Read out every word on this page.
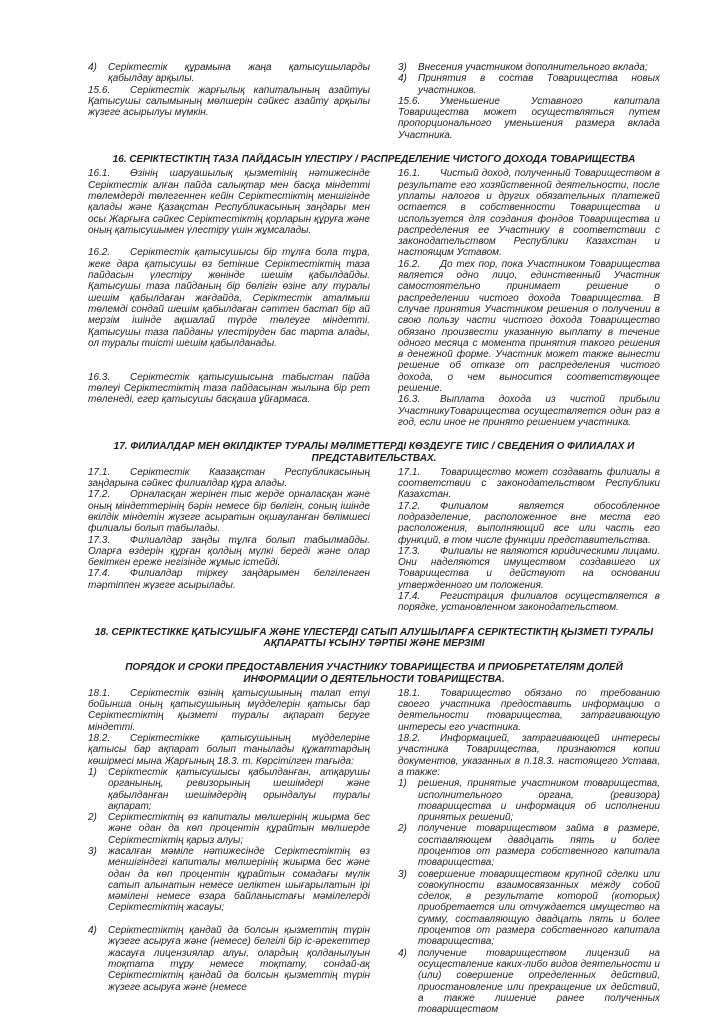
4) Серіктестік құрамына жаңа қатысушыларды қабылдау арқылы.
15.6. Серіктестік жарғылық капиталының азайтуы Қатысушы салымының мөлшерін сәйкес азайту арқылы жүзеге асырылуы мүмкін.
3) Внесения участником дополнительного вклада;
4) Принятия в состав Товарищества новых участников.
15.6. Уменьшение Уставного капитала Товарищества может осуществляться путем пропорционального уменьшения размера вклада Участника.
16. СЕРІКТЕСТІКТІҢ ТАЗА ПАЙДАСЫН ҮЛЕСТІРУ / РАСПРЕДЕЛЕНИЕ ЧИСТОГО ДОХОДА ТОВАРИЩЕСТВА
16.1. Өзінің шаруашылық қызметінің нәтижесінде Серіктестік алған пайда салықтар мен басқа міндетті төлемдерді төлегеннен кейін Серіктестіктің меншігінде қалады және Қазақстан Республикасының заңдары мен осы Жарғыға сәйкес Серіктестіктің қорларын құруға және оның қатысушымен үлестіру үшін жұмсалады.
16.2. Серіктестік қатысушысы бір тұлға бола тұра, жеке дара қатысушы өз бетінше Серіктестіктің таза пайдасын үлестіру жөнінде шешім қабылдайды. Қатысушы таза пайданың бір бөлігін өзіне алу туралы шешім қабылдаған жағдайда, Серіктестік аталмыш төлемді сондай шешім қабылдаған сәттен бастап бір ай мерзім ішінде ақшалай түрде төлеуге міндетті. Қатысушы таза пайданы үлестіруден бас тарта алады, ол туралы тиісті шешім қабылданады.
16.3. Серіктестік қатысушысына табыстан пайда төлеуі Серіктестіктің таза пайдасынан жылына бір рет төленеді, егер қатысушы басқаша ұйғармаса.
16.1. Чистый доход, полученный Товариществом в результате его хозяйственной деятельности, после уплаты налогов и других обязательных платежей остается в собственности Товарищества и используется для создания фондов Товарищества и распределения ее Участнику в соответствии с законодательством Республики Казахстан и настоящим Уставом.
16.2. До тех пор, пока Участником Товарищества является одно лицо, единственный Участник самостоятельно принимает решение о распределении чистого дохода Товарищества. В случае принятия Участником решения о получении в свою пользу части чистого дохода Товарищество обязано произвести указанную выплату в течение одного месяца с момента принятия такого решения в денежной форме. Участник может также вынести решение об отказе от распределения чистого дохода, о чем выносится соответствующее решение.
16.3. Выплата дохода из чистой прибыли УчастникуТоварищества осуществляется один раз в год, если иное не принято решением участника.
17. ФИЛИАЛДАР МЕН ӨКІЛДІКТЕР ТУРАЛЫ МӘЛІМЕТТЕРДІ КӨЗДЕУГЕ ТИІС / СВЕДЕНИЯ О ФИЛИАЛАХ И ПРЕДСТАВИТЕЛЬСТВАХ.
17.1. Серіктестік Каазақстан Республикасының заңдарына сәйкес филиалдар құра алады.
17.2. Орналасқан жерінен тыс жерде орналасқан және оның міндеттерінің бәрін немесе бір бөлігін, соның ішінде өкілдік міндетін жүзеге асыратын оқшауланған бөлімшесі филиалы болып табылады.
17.3. Филиалдар заңды тұлға болып табылмайды. Оларға өздерін құрған қолдың мүлкі береді және олар бекіткен ереже негізінде жұмыс істейді.
17.4. Филиалдар тіркеу заңдарымен белгіленген тәртіппен жүзеге асырылады.
17.1. Товарищество может создавать филиалы в соответствии с законодательством Республики Казахстан.
17.2. Филиалом является обособленное подразделение, расположенное вне места его расположения, выполняющий все или часть его функций, в том числе функции представительства.
17.3. Филиалы не являются юридическими лицами. Они наделяются имуществом создавшего их Товарищества и действуют на основании утвержденного им положения.
17.4. Регистрация филиалов осуществляется в порядке, установленном законодательством.
18. СЕРІКТЕСТІККЕ ҚАТЫСУШЫҒА ЖӘНЕ ҮЛЕСТЕРДІ САТЫП АЛУШЫЛАРҒА СЕРІКТЕСТІКТІҢ ҚЫЗМЕТІ ТУРАЛЫ АҚПАРАТТЫ ҰСЫНУ ТӘРТІБІ ЖӘНЕ МЕРЗІМІ
ПОРЯДОК И СРОКИ ПРЕДОСТАВЛЕНИЯ УЧАСТНИКУ ТОВАРИЩЕСТВА И ПРИОБРЕТАТЕЛЯМ ДОЛЕЙ ИНФОРМАЦИИ О ДЕЯТЕЛЬНОСТИ ТОВАРИЩЕСТВА.
18.1. Серіктестік өзінің қатысушының талап етуі бойынша оның қатысушының мүдделерін қатысы бар Серіктестіктің қызметі туралы ақпарат беруге міндетті.
18.2. Серіктестікке қатысушының мүдделеріне қатысы бар ақпарат болып танылады құжаттардың көшірмесі мына Жарғының 18.3. т. Көрсітілген тағыда:
1) Серіктестік қатысушысы қабылданған, атқарушы органының, ревизорының шешімдері және қабылданған шешімдердің орындалуы туралы ақпарат;
2) Серіктестіктің өз капиталы мөлшерінің жиырма бес және одан да көп процентін құрайтын мөлшерде Серіктестіктің қарыз алуы;
3) жасалған мәміле нәтижесінде Серіктестіктің өз меншігіндегі капиталы мөлшерінің жиырма бес және одан да көп процентін құрайтын сомадағы мүлік сатып алынатын немесе иеліктен шығарылатын ірі мәмілені немесе өзара байланыстағы мәмілелерді Серіктестіктің жасауы;
4) Серіктестіктің қандай да болсын қызметтің түрін жүзеге асыруға және (немесе) белгілі бір іс-әрекеттер жасауға лицензиялар алуы, олардың қолданылуын тоқтата тұру немесе тоқтату, сондай-ақ Серіктестіктің қандай да болсын қызметтің түрін жүзеге асыруға және (немесе
18.1. Товарищество обязано по требованию своего участника предоставить информацию о деятельности товарищества, затрагивающую интересы его участника.
18.2. Информацией, затрагивающей интересы участника Товарищества, признаются копии документов, указанных в п.18.3. настоящего Устава, а также:
1) решения, принятые участником товарищества, исполнительного органа, (ревизора) товарищества и информация об исполнении принятых решений;
2) получение товариществом займа в размере, составляющем двадцать пять и более процентов от размера собственного капитала товарищества;
3) совершение товариществом крупной сделки или совокупности взаимосвязанных между собой сделок, в результате которой (которых) приобретается или отчуждается имущество на сумму, составляющую двадцать пять и более процентов от размера собственного капитала товарищества;
4) получение товариществом лицензий на осуществление каких-либо видов деятельности и (или) совершение определенных действий, приостановление или прекращение их действий, а также лишение ранее полученных товариществом
